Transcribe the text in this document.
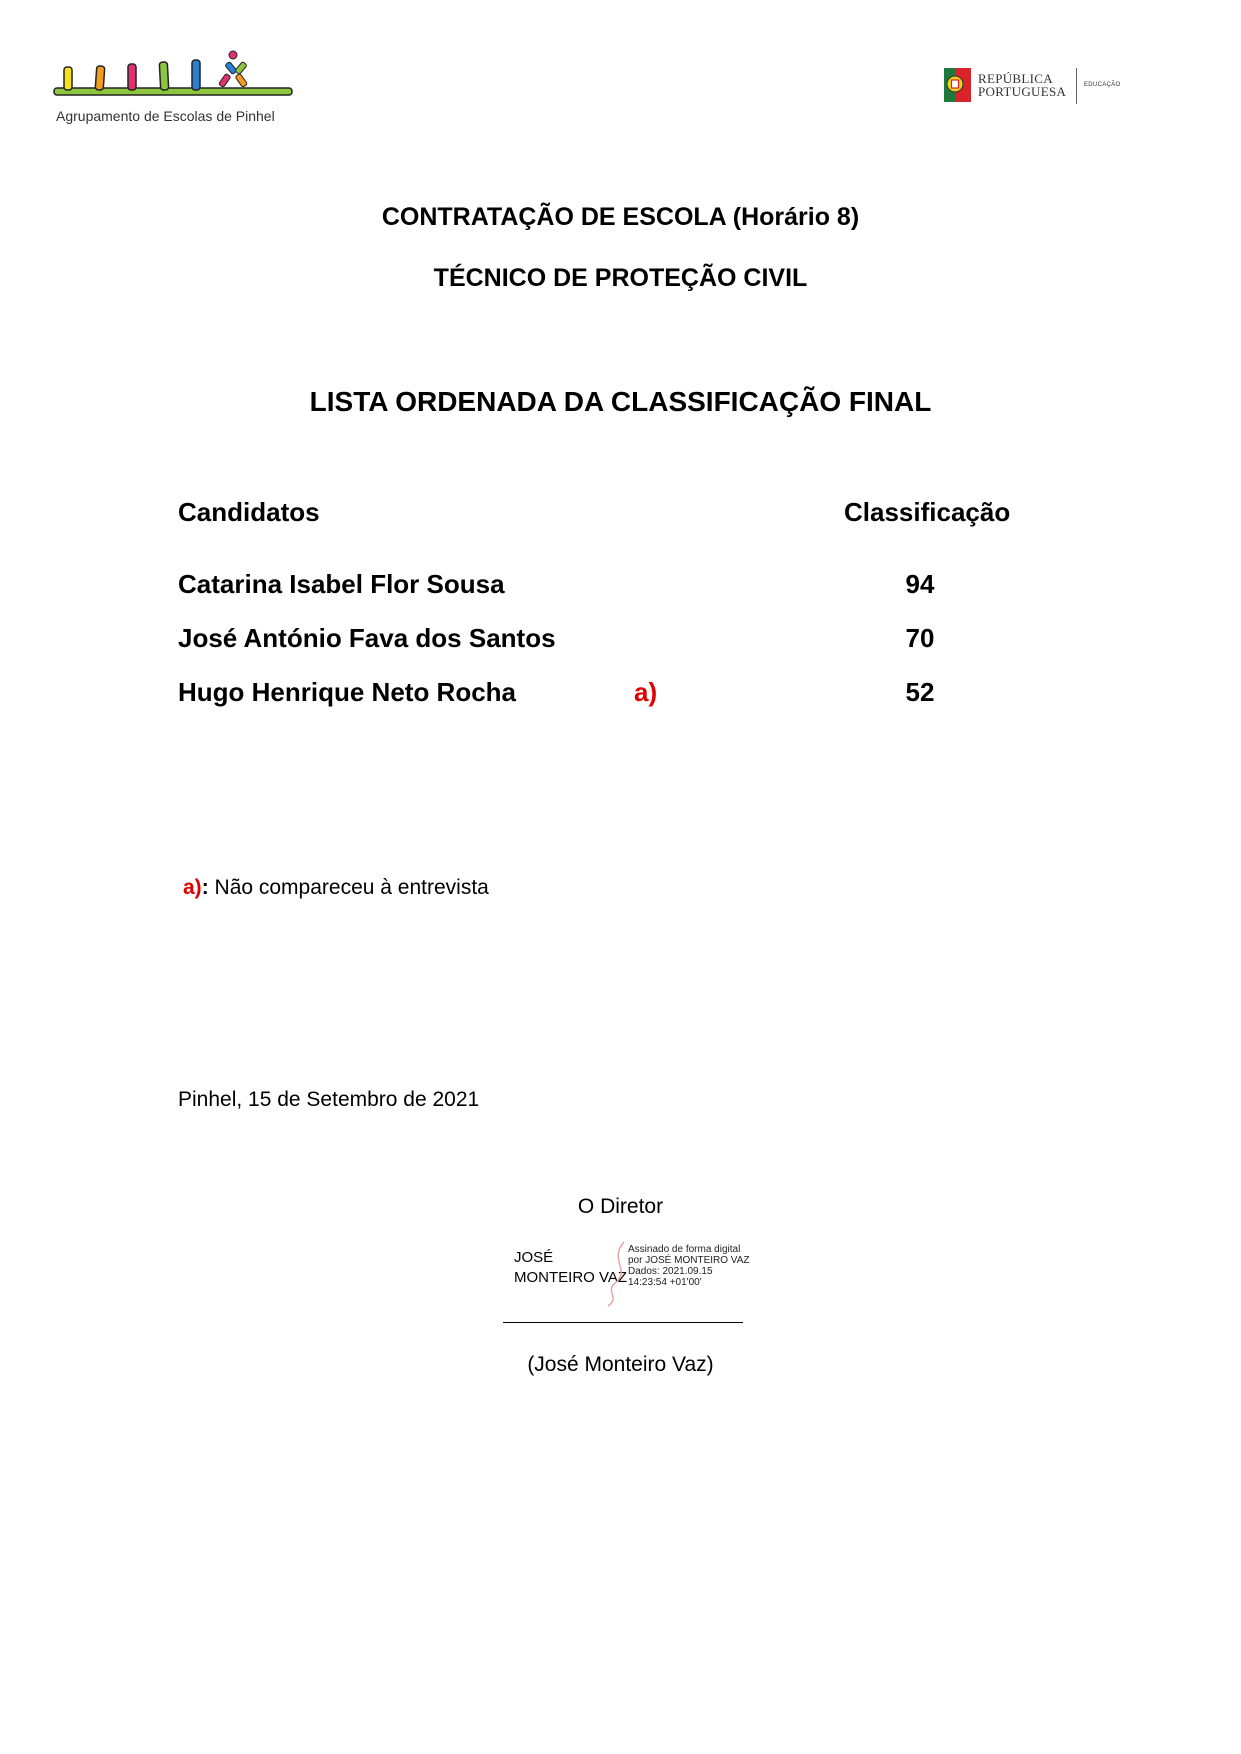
Agrupamento de Escolas de Pinhel
REPÚBLICA
PORTUGUESA	EDUCAÇÃO
CONTRATAÇÃO DE ESCOLA (Horário 8)
TÉCNICO DE PROTEÇÃO CIVIL
LISTA ORDENADA DA CLASSIFICAÇÃO FINAL
Candidatos	Classificação
Catarina Isabel Flor Sousa	94
José António Fava dos Santos	70
Hugo Henrique Neto Rocha	a)	52
a): Não compareceu à entrevista
Pinhel, 15 de Setembro de 2021
O Diretor
JOSÉ
MONTEIRO VAZ
Assinado de forma digital
por JOSÉ MONTEIRO VAZ
Dados: 2021.09.15
14:23:54 +01'00'
(José Monteiro Vaz)
